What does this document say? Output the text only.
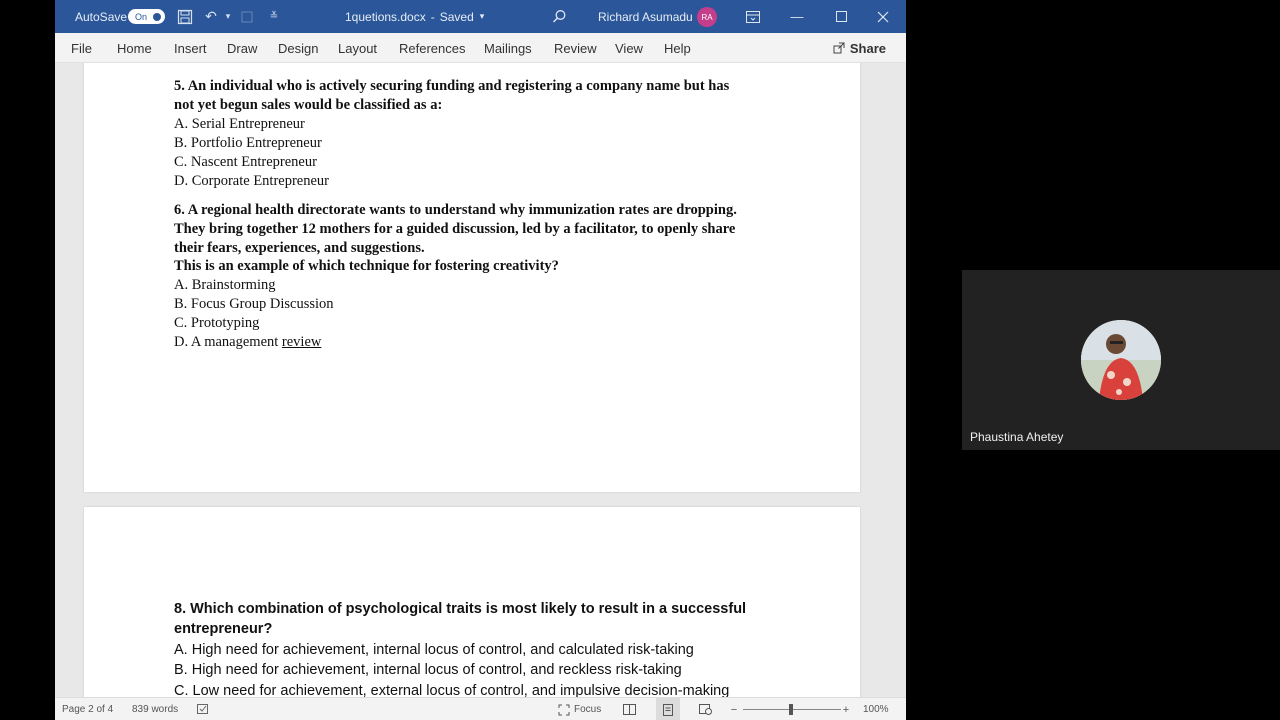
AutoSave On	↶ ▾	≚	1quetions.docx - Saved ▾	Richard Asumadu	RA	—
File Home Insert Draw Design Layout References Mailings Review View Help	Share
5. An individual who is actively securing funding and registering a company name but has
not yet begun sales would be classified as a:
A. Serial Entrepreneur
B. Portfolio Entrepreneur
C. Nascent Entrepreneur
D. Corporate Entrepreneur
6. A regional health directorate wants to understand why immunization rates are dropping.
They bring together 12 mothers for a guided discussion, led by a facilitator, to openly share
their fears, experiences, and suggestions.
This is an example of which technique for fostering creativity?
A. Brainstorming
B. Focus Group Discussion
C. Prototyping
D. A management review
8. Which combination of psychological traits is most likely to result in a successful
entrepreneur?
A. High need for achievement, internal locus of control, and calculated risk-taking
B. High need for achievement, internal locus of control, and reckless risk-taking
C. Low need for achievement, external locus of control, and impulsive decision-making
Page 2 of 4 839 words	Focus	−	+	100%
Phaustina Ahetey
